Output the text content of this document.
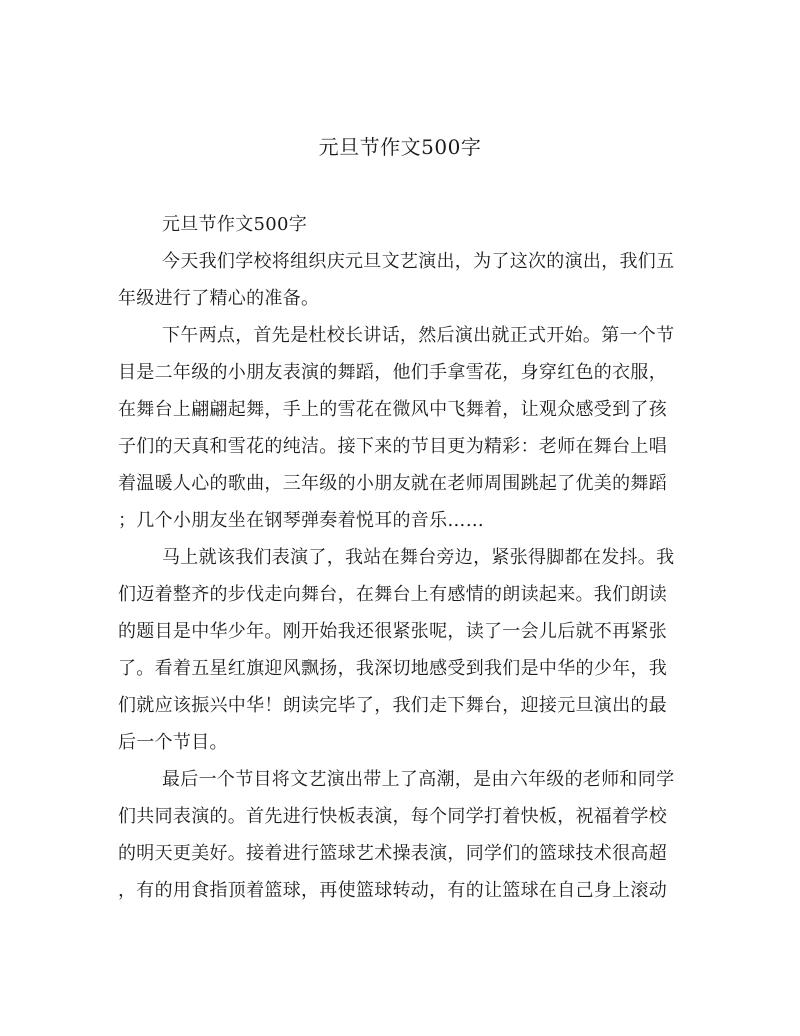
元旦节作文500字
元旦节作文500字
今天我们学校将组织庆元旦文艺演出，为了这次的演出，我们五
年级进行了精心的准备。
下午两点，首先是杜校长讲话，然后演出就正式开始。第一个节
目是二年级的小朋友表演的舞蹈，他们手拿雪花，身穿红色的衣服，
在舞台上翩翩起舞，手上的雪花在微风中飞舞着，让观众感受到了孩
子们的天真和雪花的纯洁。接下来的节目更为精彩：老师在舞台上唱
着温暖人心的歌曲，三年级的小朋友就在老师周围跳起了优美的舞蹈
；几个小朋友坐在钢琴弹奏着悦耳的音乐……
马上就该我们表演了，我站在舞台旁边，紧张得脚都在发抖。我
们迈着整齐的步伐走向舞台，在舞台上有感情的朗读起来。我们朗读
的题目是中华少年。刚开始我还很紧张呢，读了一会儿后就不再紧张
了。看着五星红旗迎风飘扬，我深切地感受到我们是中华的少年，我
们就应该振兴中华！朗读完毕了，我们走下舞台，迎接元旦演出的最
后一个节目。
最后一个节目将文艺演出带上了高潮，是由六年级的老师和同学
们共同表演的。首先进行快板表演，每个同学打着快板，祝福着学校
的明天更美好。接着进行篮球艺术操表演，同学们的篮球技术很高超
，有的用食指顶着篮球，再使篮球转动，有的让篮球在自己身上滚动
